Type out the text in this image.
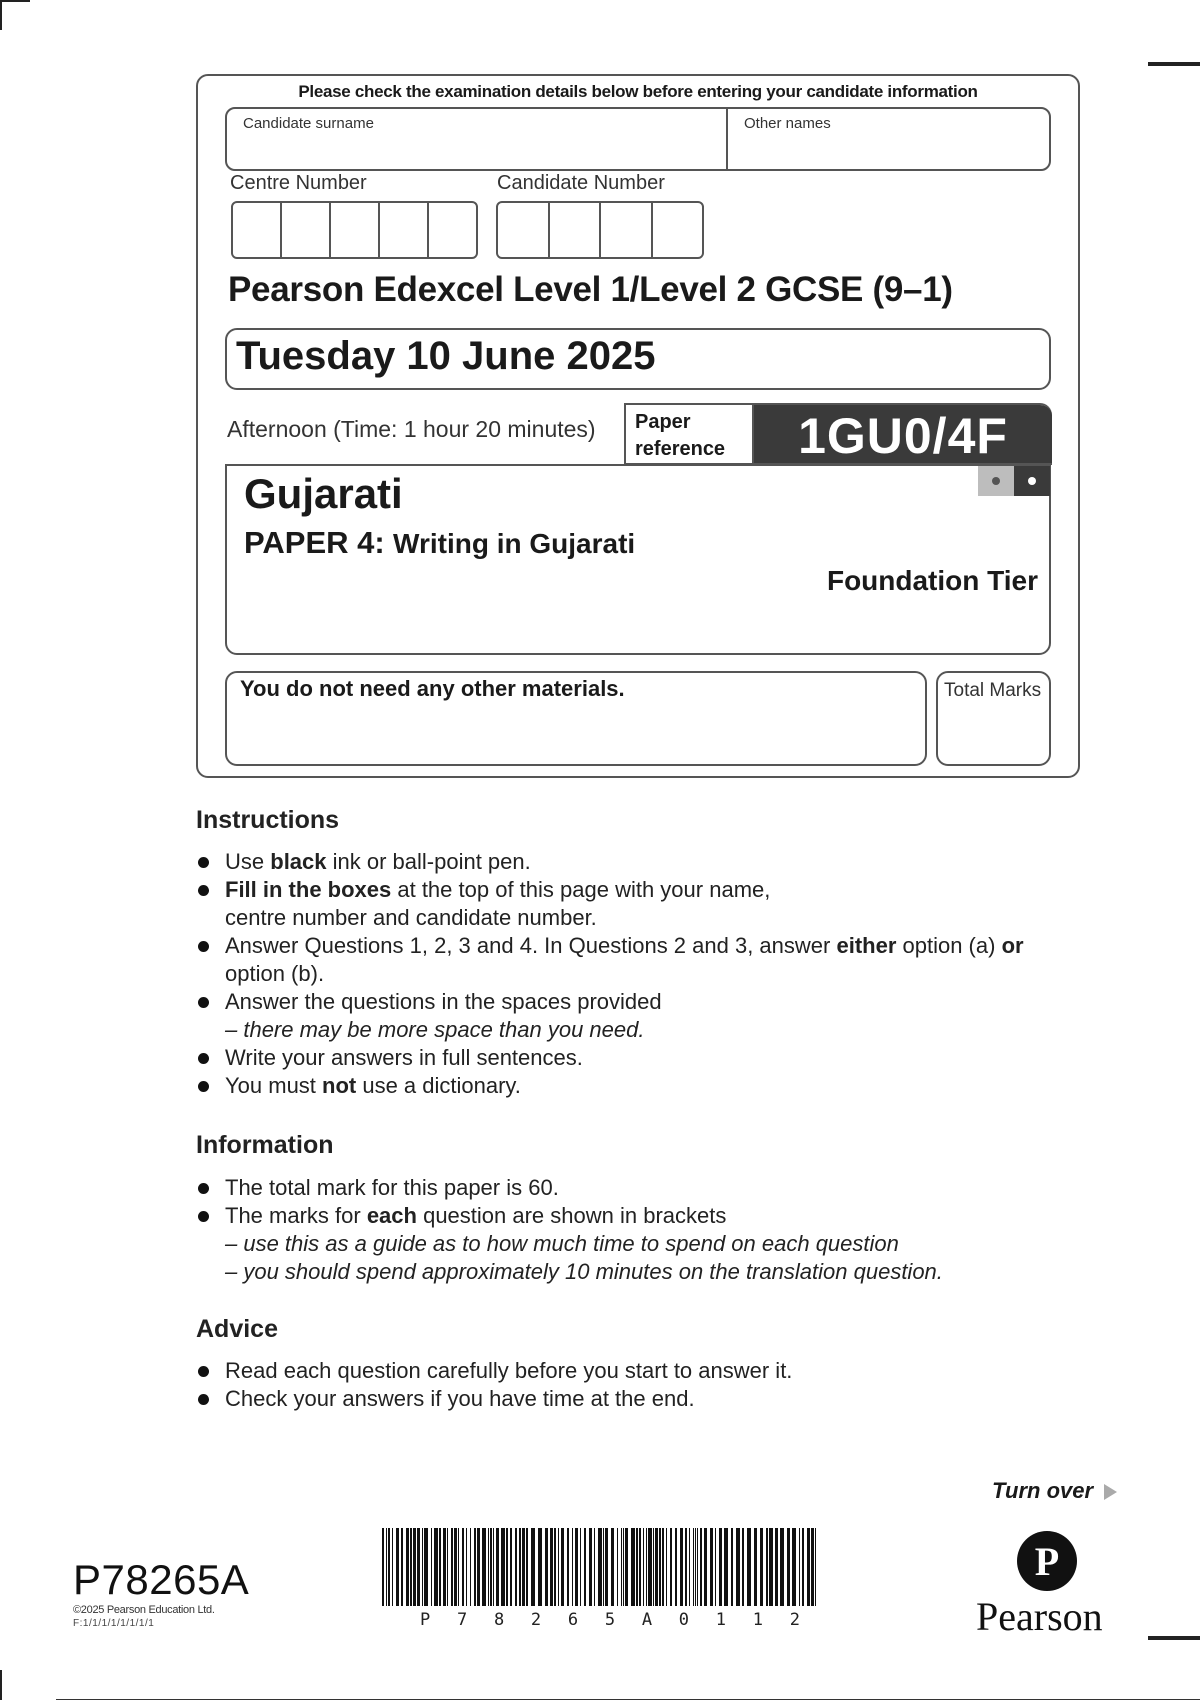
Please check the examination details below before entering your candidate information
Candidate surname	Other names
Centre Number	Candidate Number
Pearson Edexcel Level 1/Level 2 GCSE (9–1)
Tuesday 10 June 2025
Afternoon (Time: 1 hour 20 minutes)	Paper
reference	1GU0/4F
Gujarati
PAPER 4: Writing in Gujarati
Foundation Tier
You do not need any other materials.	Total Marks
Instructions
Use black ink or ball-point pen.
Fill in the boxes at the top of this page with your name,
centre number and candidate number.
Answer Questions 1, 2, 3 and 4. In Questions 2 and 3, answer either option (a) or
option (b).
Answer the questions in the spaces provided
– there may be more space than you need.
Write your answers in full sentences.
You must not use a dictionary.
Information
The total mark for this paper is 60.
The marks for each question are shown in brackets
– use this as a guide as to how much time to spend on each question
– you should spend approximately 10 minutes on the translation question.
Advice
Read each question carefully before you start to answer it.
Check your answers if you have time at the end.
Turn over
P78265A
©2025 Pearson Education Ltd.
F:1/1/1/1/1/1/1/1	P 7 8 2 6 5 A 0 1 1 2
P
Pearson
